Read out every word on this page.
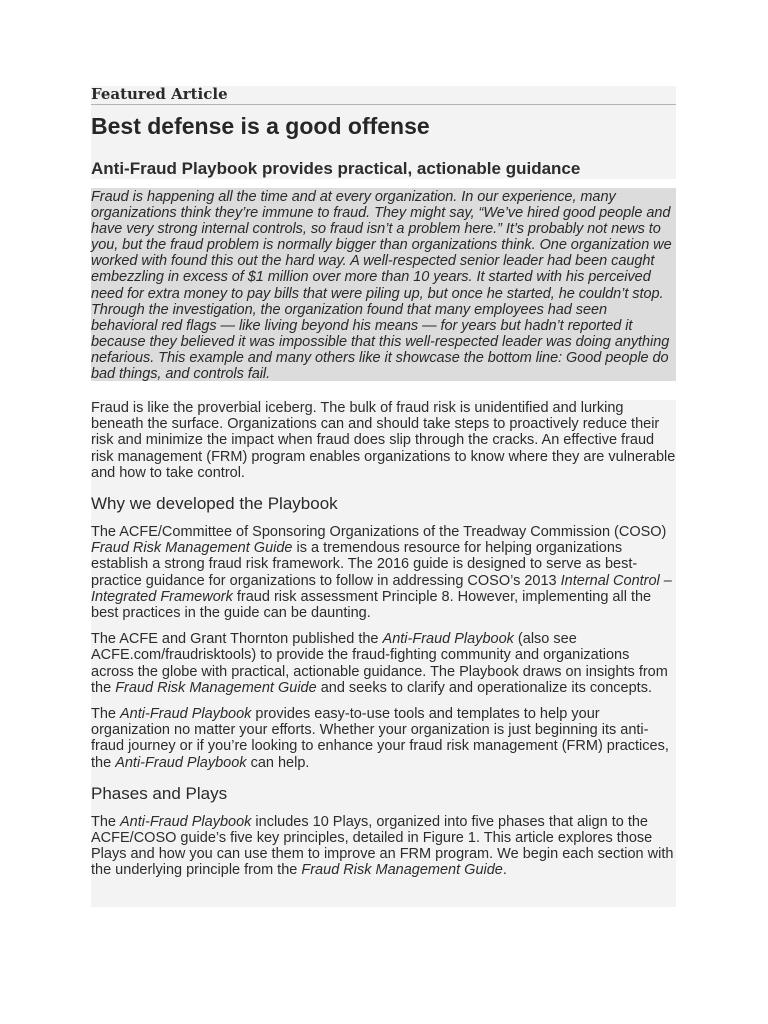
Featured Article
Best defense is a good offense
Anti-Fraud Playbook provides practical, actionable guidance

Fraud is happening all the time and at every organization. In our experience, many organizations think they’re immune to fraud. They might say, “We’ve hired good people and have very strong internal controls, so fraud isn’t a problem here.” It’s probably not news to you, but the fraud problem is normally bigger than organizations think. One organization we worked with found this out the hard way. A well-respected senior leader had been caught embezzling in excess of $1 million over more than 10 years. It started with his perceived need for extra money to pay bills that were piling up, but once he started, he couldn’t stop. Through the investigation, the organization found that many employees had seen behavioral red flags — like living beyond his means — for years but hadn’t reported it because they believed it was impossible that this well-respected leader was doing anything nefarious. This example and many others like it showcase the bottom line: Good people do bad things, and controls fail.

Fraud is like the proverbial iceberg. The bulk of fraud risk is unidentified and lurking beneath the surface. Organizations can and should take steps to proactively reduce their risk and minimize the impact when fraud does slip through the cracks. An effective fraud risk management (FRM) program enables organizations to know where they are vulnerable and how to take control.

Why we developed the Playbook

The ACFE/Committee of Sponsoring Organizations of the Treadway Commission (COSO) Fraud Risk Management Guide is a tremendous resource for helping organizations establish a strong fraud risk framework. The 2016 guide is designed to serve as best-practice guidance for organizations to follow in addressing COSO’s 2013 Internal Control – Integrated Framework fraud risk assessment Principle 8. However, implementing all the best practices in the guide can be daunting.

The ACFE and Grant Thornton published the Anti-Fraud Playbook (also see ACFE.com/fraudrisktools) to provide the fraud-fighting community and organizations across the globe with practical, actionable guidance. The Playbook draws on insights from the Fraud Risk Management Guide and seeks to clarify and operationalize its concepts.

The Anti-Fraud Playbook provides easy-to-use tools and templates to help your organization no matter your efforts. Whether your organization is just beginning its anti-fraud journey or if you’re looking to enhance your fraud risk management (FRM) practices, the Anti-Fraud Playbook can help.

Phases and Plays

The Anti-Fraud Playbook includes 10 Plays, organized into five phases that align to the ACFE/COSO guide’s five key principles, detailed in Figure 1. This article explores those Plays and how you can use them to improve an FRM program. We begin each section with the underlying principle from the Fraud Risk Management Guide.
